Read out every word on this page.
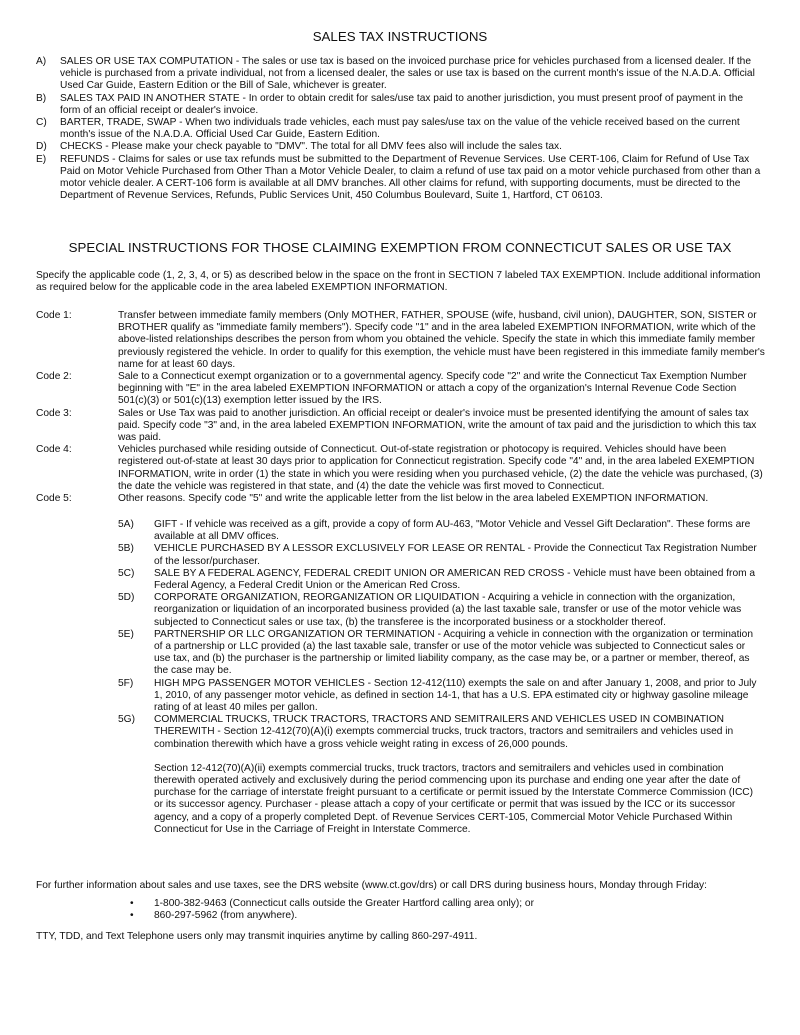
SALES TAX INSTRUCTIONS
A)	SALES OR USE TAX COMPUTATION - The sales or use tax is based on the invoiced purchase price for vehicles purchased from a licensed dealer. If the vehicle is purchased from a private individual, not from a licensed dealer, the sales or use tax is based on the current month's issue of the N.A.D.A. Official Used Car Guide, Eastern Edition or the Bill of Sale, whichever is greater.
B)	SALES TAX PAID IN ANOTHER STATE - In order to obtain credit for sales/use tax paid to another jurisdiction, you must present proof of payment in the form of an official receipt or dealer's invoice.
C)	BARTER, TRADE, SWAP - When two individuals trade vehicles, each must pay sales/use tax on the value of the vehicle received based on the current month's issue of the N.A.D.A. Official Used Car Guide, Eastern Edition.
D)	CHECKS - Please make your check payable to "DMV". The total for all DMV fees also will include the sales tax.
E)	REFUNDS - Claims for sales or use tax refunds must be submitted to the Department of Revenue Services. Use CERT-106, Claim for Refund of Use Tax Paid on Motor Vehicle Purchased from Other Than a Motor Vehicle Dealer, to claim a refund of use tax paid on a motor vehicle purchased from other than a motor vehicle dealer. A CERT-106 form is available at all DMV branches. All other claims for refund, with supporting documents, must be directed to the Department of Revenue Services, Refunds, Public Services Unit, 450 Columbus Boulevard, Suite 1, Hartford, CT 06103.
SPECIAL INSTRUCTIONS FOR THOSE CLAIMING EXEMPTION FROM CONNECTICUT SALES OR USE TAX
Specify the applicable code (1, 2, 3, 4, or 5) as described below in the space on the front in SECTION 7 labeled TAX EXEMPTION. Include additional information as required below for the applicable code in the area labeled EXEMPTION INFORMATION.
Code 1:	Transfer between immediate family members (Only MOTHER, FATHER, SPOUSE (wife, husband, civil union), DAUGHTER, SON, SISTER or BROTHER qualify as "immediate family members"). Specify code "1" and in the area labeled EXEMPTION INFORMATION, write which of the above-listed relationships describes the person from whom you obtained the vehicle. Specify the state in which this immediate family member previously registered the vehicle. In order to qualify for this exemption, the vehicle must have been registered in this immediate family member's name for at least 60 days.
Code 2:	Sale to a Connecticut exempt organization or to a governmental agency. Specify code "2" and write the Connecticut Tax Exemption Number beginning with "E" in the area labeled EXEMPTION INFORMATION or attach a copy of the organization's Internal Revenue Code Section 501(c)(3) or 501(c)(13) exemption letter issued by the IRS.
Code 3:	Sales or Use Tax was paid to another jurisdiction. An official receipt or dealer's invoice must be presented identifying the amount of sales tax paid. Specify code "3" and, in the area labeled EXEMPTION INFORMATION, write the amount of tax paid and the jurisdiction to which this tax was paid.
Code 4:	Vehicles purchased while residing outside of Connecticut. Out-of-state registration or photocopy is required. Vehicles should have been registered out-of-state at least 30 days prior to application for Connecticut registration. Specify code "4" and, in the area labeled EXEMPTION INFORMATION, write in order (1) the state in which you were residing when you purchased vehicle, (2) the date the vehicle was purchased, (3) the date the vehicle was registered in that state, and (4) the date the vehicle was first moved to Connecticut.
Code 5:	Other reasons. Specify code "5" and write the applicable letter from the list below in the area labeled EXEMPTION INFORMATION.
5A)	GIFT - If vehicle was received as a gift, provide a copy of form AU-463, "Motor Vehicle and Vessel Gift Declaration". These forms are available at all DMV offices.
5B)	VEHICLE PURCHASED BY A LESSOR EXCLUSIVELY FOR LEASE OR RENTAL - Provide the Connecticut Tax Registration Number of the lessor/purchaser.
5C)	SALE BY A FEDERAL AGENCY, FEDERAL CREDIT UNION OR AMERICAN RED CROSS - Vehicle must have been obtained from a Federal Agency, a Federal Credit Union or the American Red Cross.
5D)	CORPORATE ORGANIZATION, REORGANIZATION OR LIQUIDATION - Acquiring a vehicle in connection with the organization, reorganization or liquidation of an incorporated business provided (a) the last taxable sale, transfer or use of the motor vehicle was subjected to Connecticut sales or use tax, (b) the transferee is the incorporated business or a stockholder thereof.
5E)	PARTNERSHIP OR LLC ORGANIZATION OR TERMINATION - Acquiring a vehicle in connection with the organization or termination of a partnership or LLC provided (a) the last taxable sale, transfer or use of the motor vehicle was subjected to Connecticut sales or use tax, and (b) the purchaser is the partnership or limited liability company, as the case may be, or a partner or member, thereof, as the case may be.
5F)	HIGH MPG PASSENGER MOTOR VEHICLES - Section 12-412(110) exempts the sale on and after January 1, 2008, and prior to July 1, 2010, of any passenger motor vehicle, as defined in section 14-1, that has a U.S. EPA estimated city or highway gasoline mileage rating of at least 40 miles per gallon.
5G)	COMMERCIAL TRUCKS, TRUCK TRACTORS, TRACTORS AND SEMITRAILERS AND VEHICLES USED IN COMBINATION THEREWITH - Section 12-412(70)(A)(i) exempts commercial trucks, truck tractors, tractors and semitrailers and vehicles used in combination therewith which have a gross vehicle weight rating in excess of 26,000 pounds.
Section 12-412(70)(A)(ii) exempts commercial trucks, truck tractors, tractors and semitrailers and vehicles used in combination therewith operated actively and exclusively during the period commencing upon its purchase and ending one year after the date of purchase for the carriage of interstate freight pursuant to a certificate or permit issued by the Interstate Commerce Commission (ICC) or its successor agency. Purchaser - please attach a copy of your certificate or permit that was issued by the ICC or its successor agency, and a copy of a properly completed Dept. of Revenue Services CERT-105, Commercial Motor Vehicle Purchased Within Connecticut for Use in the Carriage of Freight in Interstate Commerce.
For further information about sales and use taxes, see the DRS website (www.ct.gov/drs) or call DRS during business hours, Monday through Friday:
•	1-800-382-9463 (Connecticut calls outside the Greater Hartford calling area only); or
•	860-297-5962 (from anywhere).
TTY, TDD, and Text Telephone users only may transmit inquiries anytime by calling 860-297-4911.
